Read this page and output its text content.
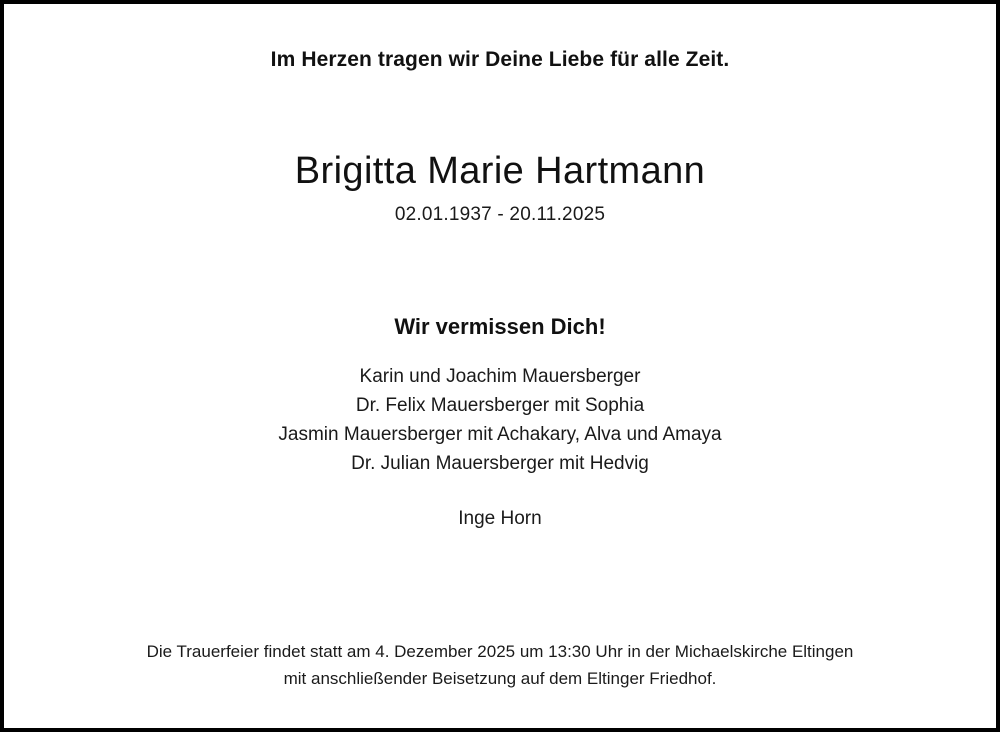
Im Herzen tragen wir Deine Liebe für alle Zeit.
Brigitta Marie Hartmann
02.01.1937 - 20.11.2025
Wir vermissen Dich!
Karin und Joachim Mauersberger
Dr. Felix Mauersberger mit Sophia
Jasmin Mauersberger mit Achakary, Alva und Amaya
Dr. Julian Mauersberger mit Hedvig
Inge Horn
Die Trauerfeier findet statt am 4. Dezember 2025 um 13:30 Uhr in der Michaelskirche Eltingen
mit anschließender Beisetzung auf dem Eltinger Friedhof.
